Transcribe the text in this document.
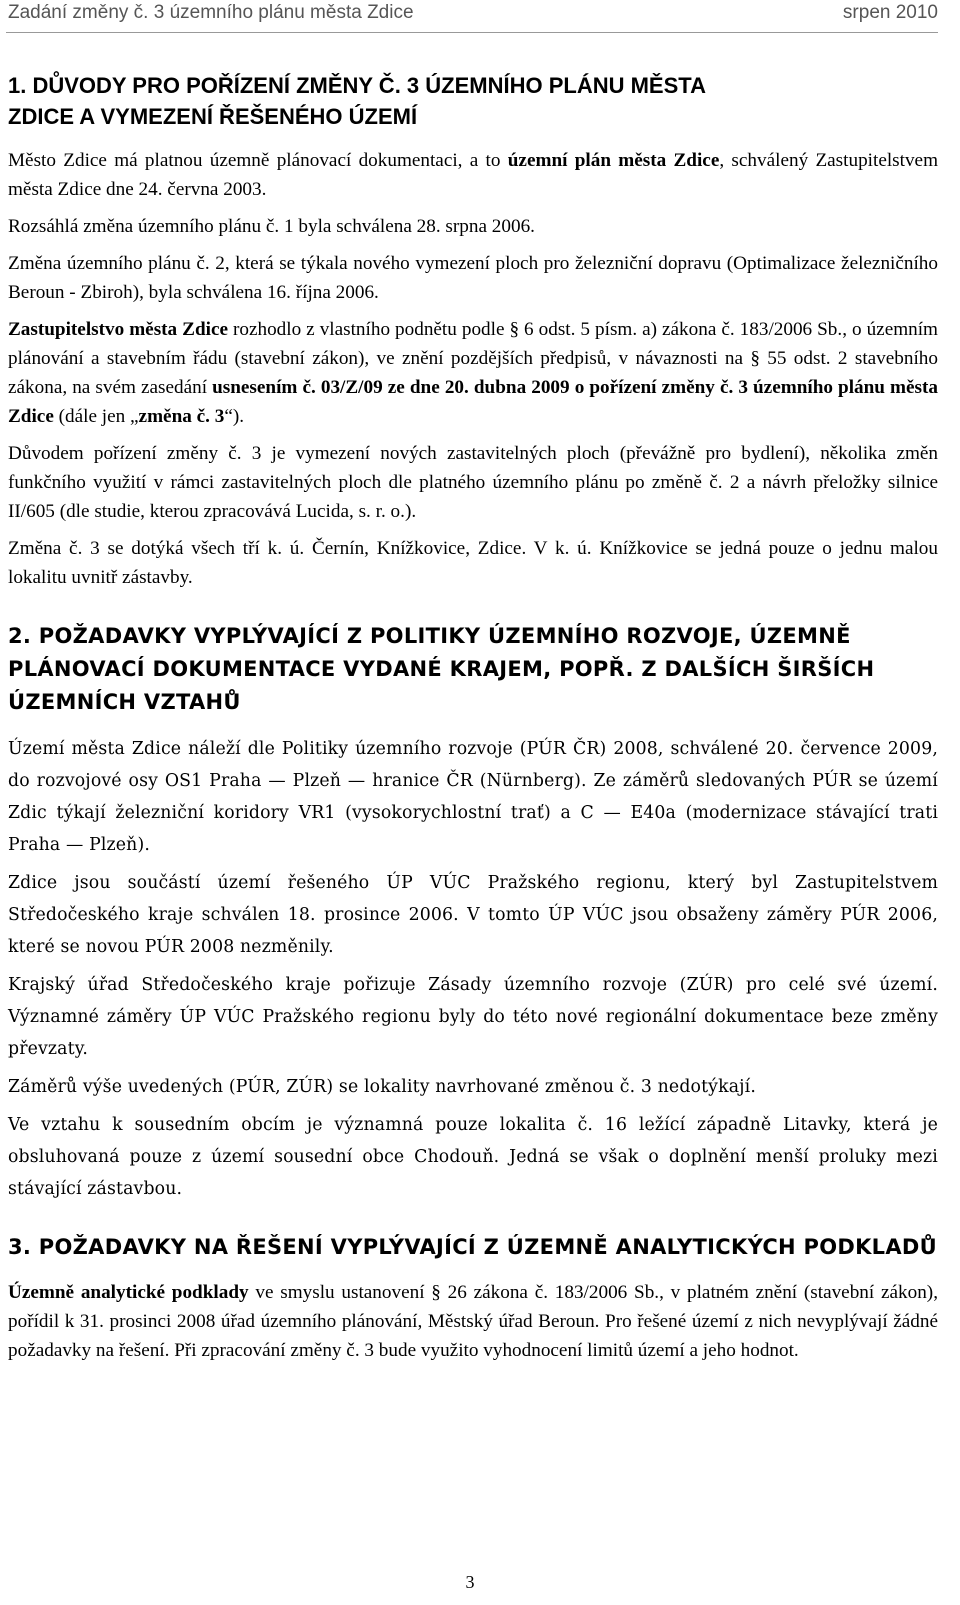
Zadání změny č. 3 územního plánu města Zdice	srpen 2010
1. DŮVODY PRO POŘÍZENÍ ZMĚNY Č. 3 ÚZEMNÍHO PLÁNU MĚSTA
ZDICE A VYMEZENÍ ŘEŠENÉHO ÚZEMÍ

Město Zdice má platnou územně plánovací dokumentaci, a to územní plán města Zdice, schválený Zastupitelstvem města Zdice dne 24. června 2003.

Rozsáhlá změna územního plánu č. 1 byla schválena 28. srpna 2006.

Změna územního plánu č. 2, která se týkala nového vymezení ploch pro železniční dopravu (Optimalizace železničního Beroun - Zbiroh), byla schválena 16. října 2006.

Zastupitelstvo města Zdice rozhodlo z vlastního podnětu podle § 6 odst. 5 písm. a) zákona č. 183/2006 Sb., o územním plánování a stavebním řádu (stavební zákon), ve znění pozdějších předpisů, v návaznosti na § 55 odst. 2 stavebního zákona, na svém zasedání usnesením č. 03/Z/09 ze dne 20. dubna 2009 o pořízení změny č. 3 územního plánu města Zdice (dále jen „změna č. 3“).

Důvodem pořízení změny č. 3 je vymezení nových zastavitelných ploch (převážně pro bydlení), několika změn funkčního využití v rámci zastavitelných ploch dle platného územního plánu po změně č. 2 a návrh přeložky silnice II/605 (dle studie, kterou zpracovává Lucida, s. r. o.).

Změna č. 3 se dotýká všech tří k. ú. Černín, Knížkovice, Zdice. V k. ú. Knížkovice se jedná pouze o jednu malou lokalitu uvnitř zástavby.

2. POŽADAVKY VYPLÝVAJÍCÍ Z POLITIKY ÚZEMNÍHO ROZVOJE, ÚZEMNĚ PLÁNOVACÍ DOKUMENTACE VYDANÉ KRAJEM, POPŘ. Z DALŠÍCH ŠIRŠÍCH ÚZEMNÍCH VZTAHŮ

Území města Zdice náleží dle Politiky územního rozvoje (PÚR ČR) 2008, schválené 20. července 2009, do rozvojové osy OS1 Praha — Plzeň — hranice ČR (Nürnberg). Ze záměrů sledovaných PÚR se území Zdic týkají železniční koridory VR1 (vysokorychlostní trať) a C — E40a (modernizace stávající trati Praha — Plzeň).

Zdice jsou součástí území řešeného ÚP VÚC Pražského regionu, který byl Zastupitelstvem Středočeského kraje schválen 18. prosince 2006. V tomto ÚP VÚC jsou obsaženy záměry PÚR 2006, které se novou PÚR 2008 nezměnily.

Krajský úřad Středočeského kraje pořizuje Zásady územního rozvoje (ZÚR) pro celé své území. Významné záměry ÚP VÚC Pražského regionu byly do této nové regionální dokumentace beze změny převzaty.

Záměrů výše uvedených (PÚR, ZÚR) se lokality navrhované změnou č. 3 nedotýkají.

Ve vztahu k sousedním obcím je významná pouze lokalita č. 16 ležící západně Litavky, která je obsluhovaná pouze z území sousední obce Chodouň. Jedná se však o doplnění menší proluky mezi stávající zástavbou.

3. POŽADAVKY NA ŘEŠENÍ VYPLÝVAJÍCÍ Z ÚZEMNĚ ANALYTICKÝCH PODKLADŮ

Územně analytické podklady ve smyslu ustanovení § 26 zákona č. 183/2006 Sb., v platném znění (stavební zákon), pořídil k 31. prosinci 2008 úřad územního plánování, Městský úřad Beroun. Pro řešené území z nich nevyplývají žádné požadavky na řešení. Při zpracování změny č. 3 bude využito vyhodnocení limitů území a jeho hodnot.

3
